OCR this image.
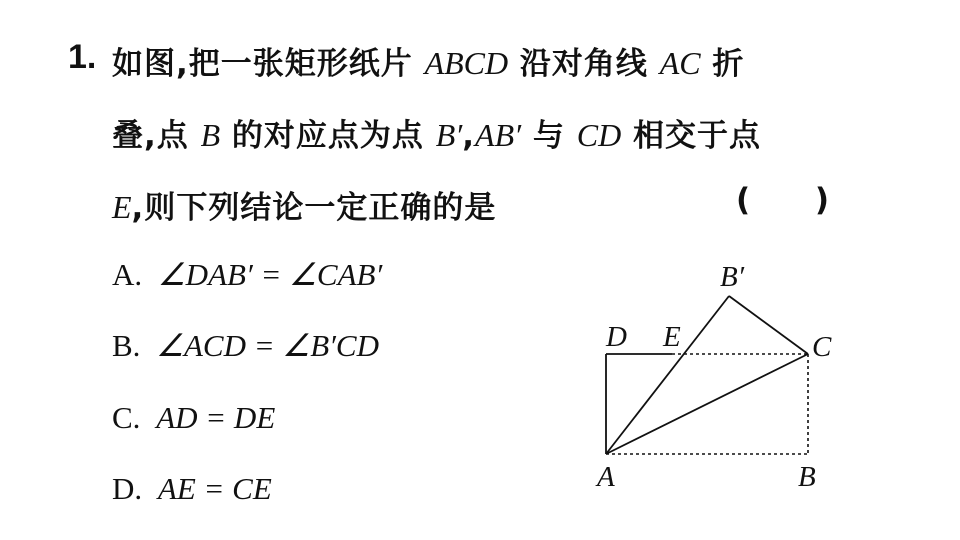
1. 如图,把一张矩形纸片 ABCD 沿对角线 AC 折
叠,点 B 的对应点为点 B′,AB′ 与 CD 相交于点
E,则下列结论一定正确的是	(      )
A. ∠DAB′ = ∠CAB′
B. ∠ACD = ∠B′CD
C. AD = DE
D. AE = CE
B′
D E	C
A	B
